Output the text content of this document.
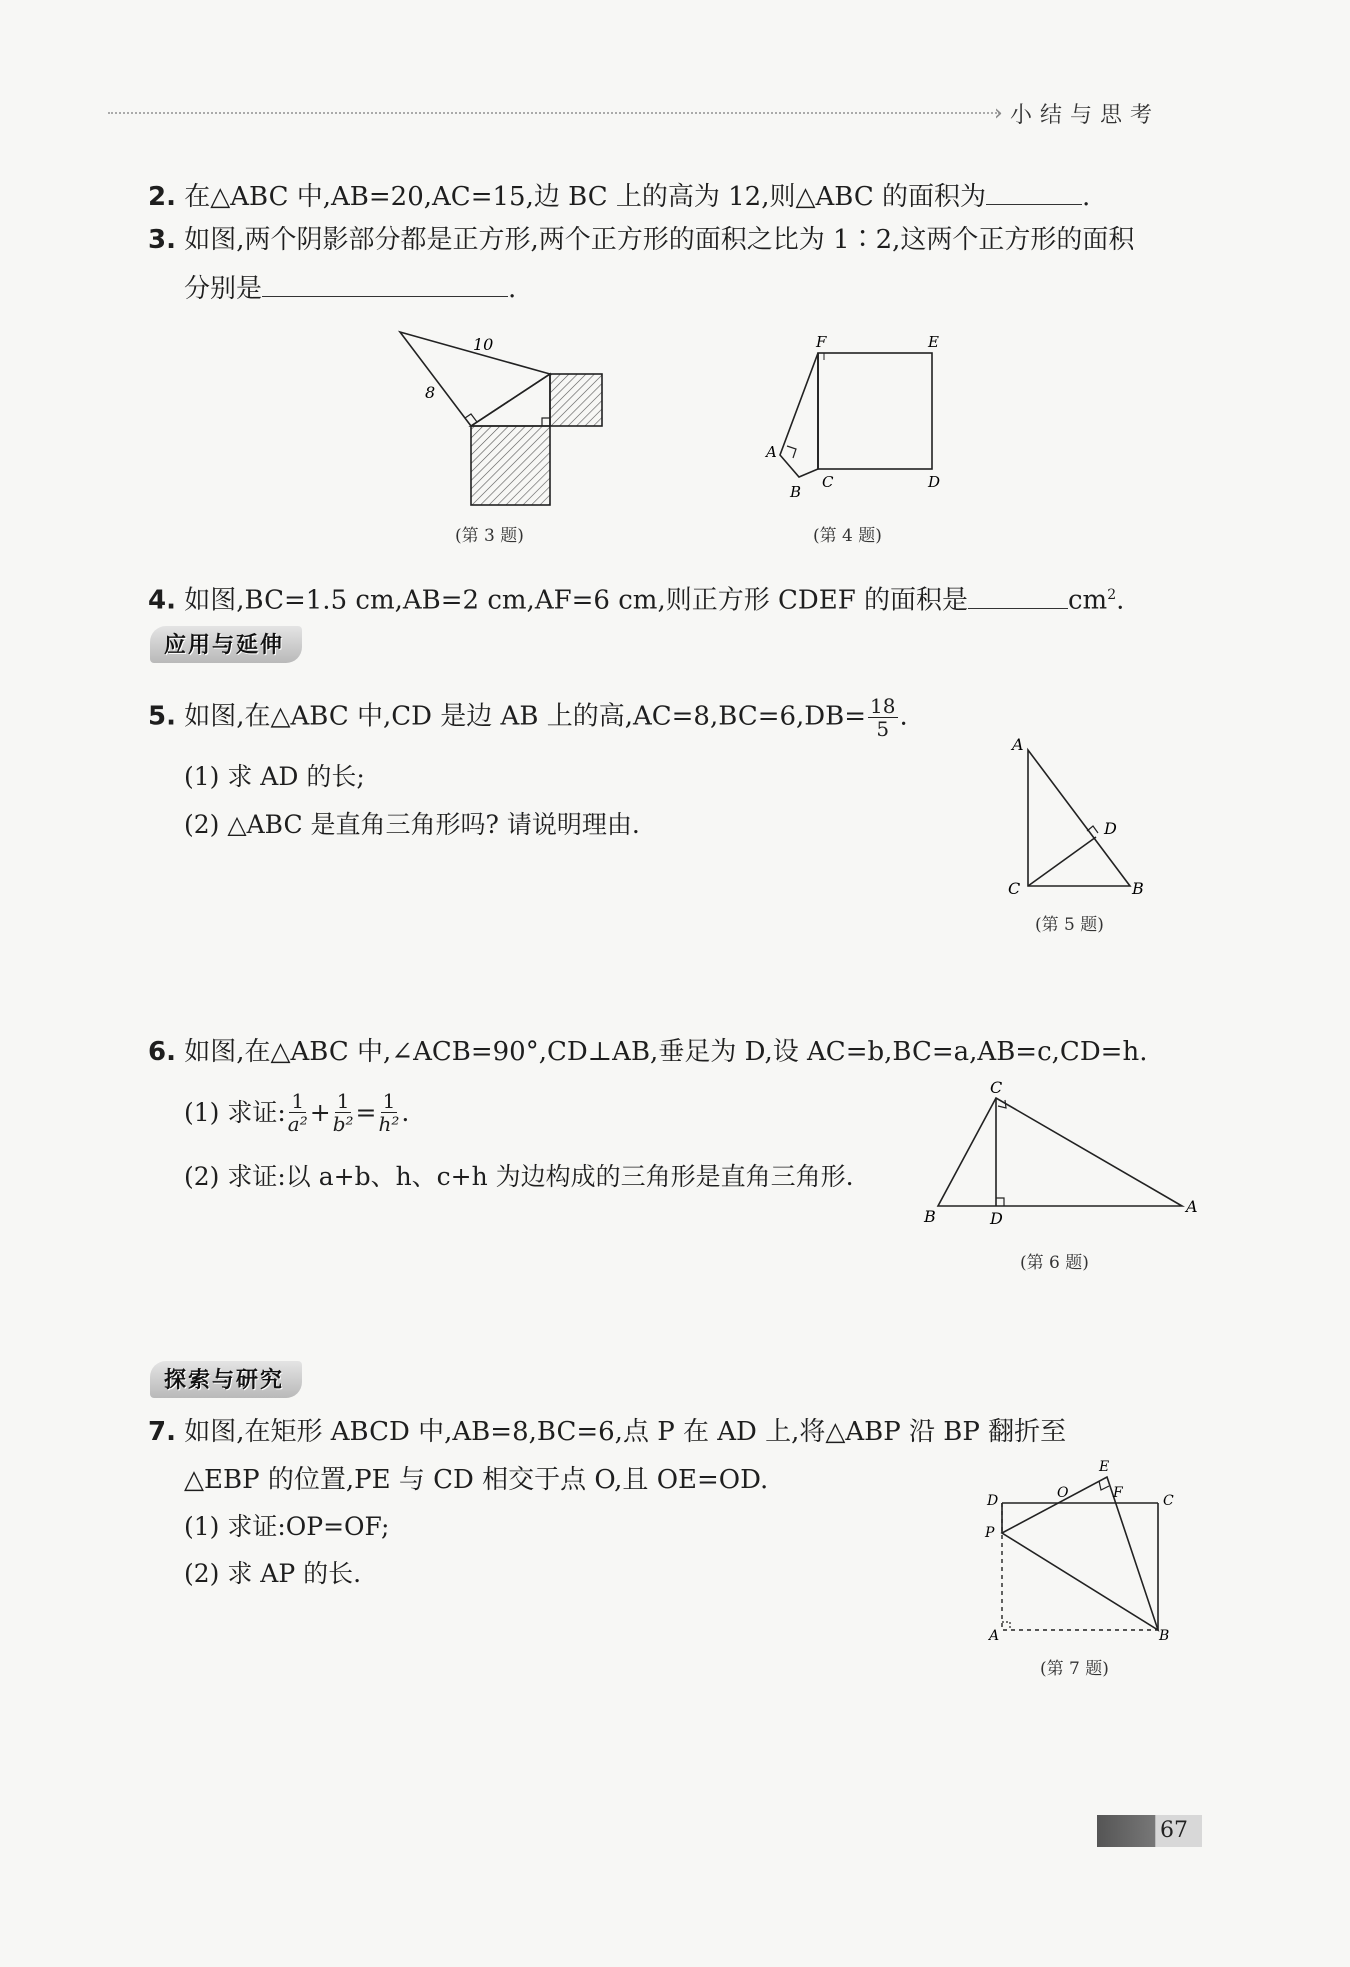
› 小结与思考
2. 在△ABC 中,AB=20,AC=15,边 BC 上的高为 12,则△ABC 的面积为	.
3. 如图,两个阴影部分都是正方形,两个正方形的面积之比为 1∶2,这两个正方形的面积
分别是	.
10
8
(第 3 题)
F	E
A
B
C	D
(第 4 题)
4. 如图,BC=1.5 cm,AB=2 cm,AF=6 cm,则正方形 CDEF 的面积是	$cm^2$.
应用与延伸
5. 如图,在△ABC 中,CD 是边 AB 上的高$,AC=8,BC=6,DB= \frac{18}{5}$ .
(1) 求 AD 的长;
(2) △ABC 是直角三角形吗? 请说明理由.
A
D
C	B
(第 5 题)
6. 如图,在△ABC 中,∠ACB=90°,CD⊥AB,垂足为 D,设 AC=b,BC=a,AB=c,CD=h.
(1) 求证: $\frac{1}{\text{a²}} + \frac{1}{\text{b²}} = \frac{1}{\text{h²}}$ .
(2) 求证:以 a+b、h、c+h 为边构成的三角形是直角三角形.
C
B	D
A
(第 6 题)
探索与研究
7. 如图,在矩形 ABCD 中,AB=8,BC=6,点 P 在 AD 上,将△ABP 沿 BP 翻折至
△EBP 的位置,PE 与 CD 相交于点 O,且 OE=OD.
(1) 求证:OP=OF;
(2) 求 AP 的长.
D	O
E
F	C
P
A	B
(第 7 题)
67
